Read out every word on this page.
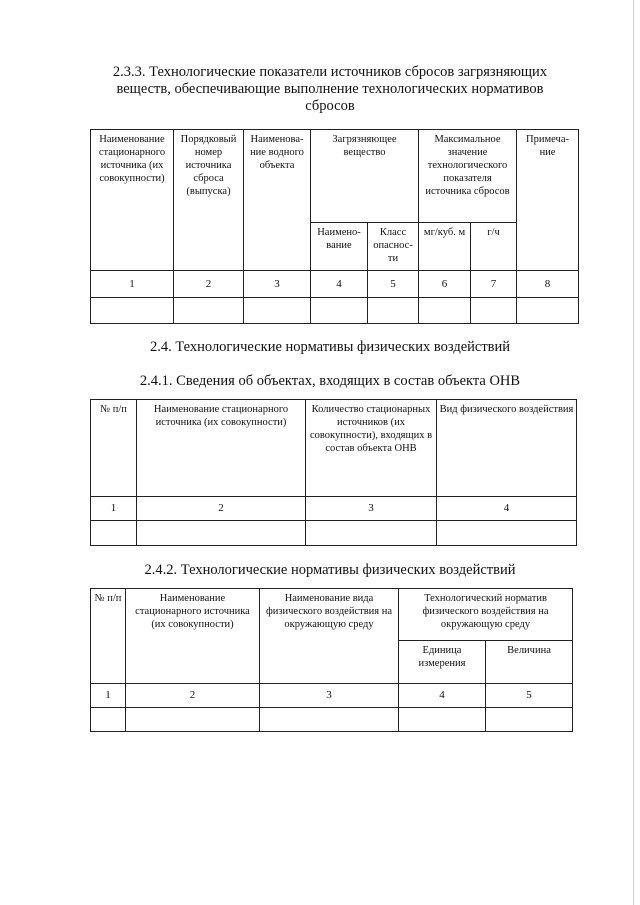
2.3.3. Технологические показатели источников сбросов загрязняющих веществ, обеспечивающие выполнение технологических нормативов сбросов
Наименование стационарного источника (их совокупности)	Порядковый номер источника сброса (выпуска)	Наименова-ние водного объекта	Загрязняющее вещество		Максимальное значение технологического показателя источника сбросов		Примеча-ние
			Наимено-вание	Класс опаснос-ти	мг/куб. м	г/ч	
1	2	3	4	5	6	7	8

2.4. Технологические нормативы физических воздействий
2.4.1. Сведения об объектах, входящих в состав объекта ОНВ
№ п/п	Наименование стационарного источника (их совокупности)	Количество стационарных источников (их совокупности), входящих в состав объекта ОНВ	Вид физического воздействия
1	2	3	4

2.4.2. Технологические нормативы физических воздействий
№ п/п	Наименование стационарного источника (их совокупности)	Наименование вида физического воздействия на окружающую среду	Технологический норматив физического воздействия на окружающую среду	
			Единица измерения	Величина
1	2	3	4	5
